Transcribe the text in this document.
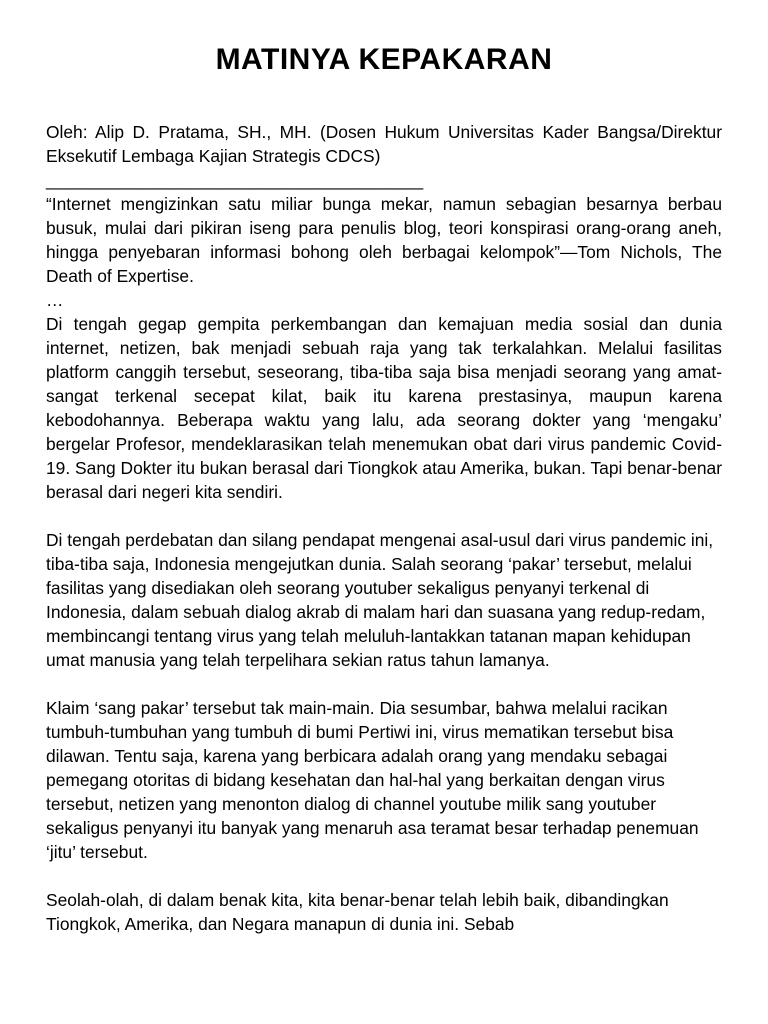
MATINYA KEPAKARAN

Oleh: Alip D. Pratama, SH., MH. (Dosen Hukum Universitas Kader Bangsa/Direktur Eksekutif Lembaga Kajian Strategis CDCS)

_______________________________________

“Internet mengizinkan satu miliar bunga mekar, namun sebagian besarnya berbau busuk, mulai dari pikiran iseng para penulis blog, teori konspirasi orang-orang aneh, hingga penyebaran informasi bohong oleh berbagai kelompok”—Tom Nichols, The Death of Expertise.

…

Di tengah gegap gempita perkembangan dan kemajuan media sosial dan dunia internet, netizen, bak menjadi sebuah raja yang tak terkalahkan. Melalui fasilitas platform canggih tersebut, seseorang, tiba-tiba saja bisa menjadi seorang yang amat-sangat terkenal secepat kilat, baik itu karena prestasinya, maupun karena kebodohannya. Beberapa waktu yang lalu, ada seorang dokter yang ‘mengaku’ bergelar Profesor, mendeklarasikan telah menemukan obat dari virus pandemic Covid-19. Sang Dokter itu bukan berasal dari Tiongkok atau Amerika, bukan. Tapi benar-benar berasal dari negeri kita sendiri.

Di tengah perdebatan dan silang pendapat mengenai asal-usul dari virus pandemic ini, tiba-tiba saja, Indonesia mengejutkan dunia. Salah seorang ‘pakar’ tersebut, melalui fasilitas yang disediakan oleh seorang youtuber sekaligus penyanyi terkenal di Indonesia, dalam sebuah dialog akrab di malam hari dan suasana yang redup-redam, membincangi tentang virus yang telah meluluh-lantakkan tatanan mapan kehidupan umat manusia yang telah terpelihara sekian ratus tahun lamanya.

Klaim ‘sang pakar’ tersebut tak main-main. Dia sesumbar, bahwa melalui racikan tumbuh-tumbuhan yang tumbuh di bumi Pertiwi ini, virus mematikan tersebut bisa dilawan. Tentu saja, karena yang berbicara adalah orang yang mendaku sebagai pemegang otoritas di bidang kesehatan dan hal-hal yang berkaitan dengan virus tersebut, netizen yang menonton dialog di channel youtube milik sang youtuber sekaligus penyanyi itu banyak yang menaruh asa teramat besar terhadap penemuan ‘jitu’ tersebut.

Seolah-olah, di dalam benak kita, kita benar-benar telah lebih baik, dibandingkan Tiongkok, Amerika, dan Negara manapun di dunia ini. Sebab
